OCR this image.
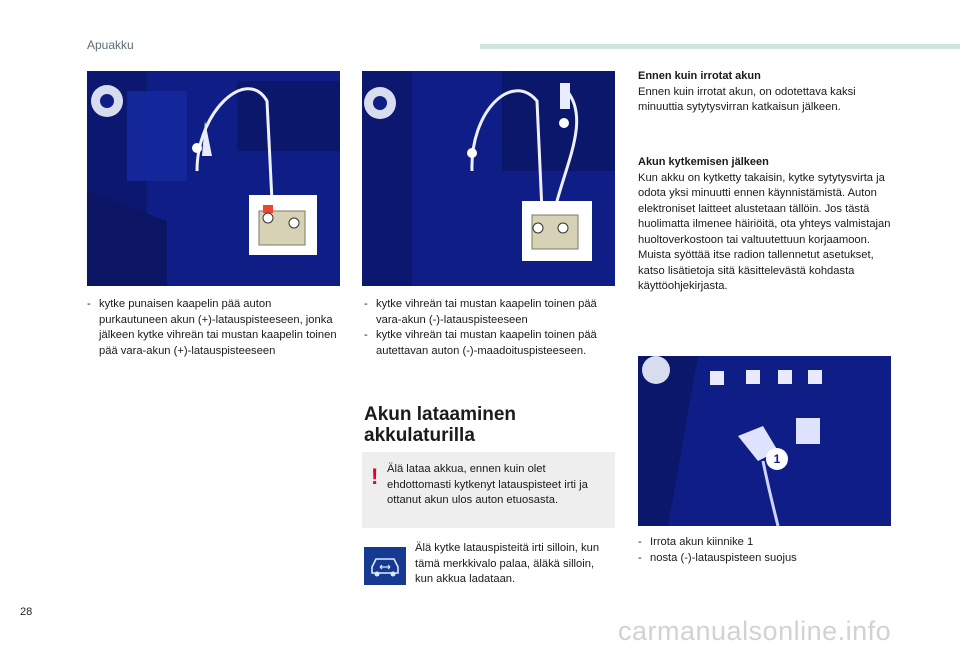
Apuakku
1
- kytke punaisen kaapelin pää auton purkautuneen akun (+)-latauspisteeseen, jonka jälkeen kytke vihreän tai mustan kaapelin toinen pää vara-akun (+)-latauspisteeseen
- kytke vihreän tai mustan kaapelin toinen pää vara-akun (-)-latauspisteeseen
- kytke vihreän tai mustan kaapelin toinen pää autettavan auton (-)-maadoituspisteeseen.
Akun lataaminen akkulaturilla
! Älä lataa akkua, ennen kuin olet ehdottomasti kytkenyt latauspisteet irti ja ottanut akun ulos auton etuosasta.
Älä kytke latauspisteitä irti silloin, kun tämä merkkivalo palaa, äläkä silloin, kun akkua ladataan.
Ennen kuin irrotat akun
Ennen kuin irrotat akun, on odotettava kaksi minuuttia sytytysvirran katkaisun jälkeen.
Akun kytkemisen jälkeen
Kun akku on kytketty takaisin, kytke sytytysvirta ja odota yksi minuutti ennen käynnistämistä. Auton elektroniset laitteet alustetaan tällöin. Jos tästä huolimatta ilmenee häiriöitä, ota yhteys valmistajan huoltoverkostoon tai valtuutettuun korjaamoon. Muista syöttää itse radion tallennetut asetukset, katso lisätietoja sitä käsittelevästä kohdasta käyttöohjekirjasta.
- Irrota akun kiinnike 1
- nosta (-)-latauspisteen suojus
28
carmanualsonline.info
